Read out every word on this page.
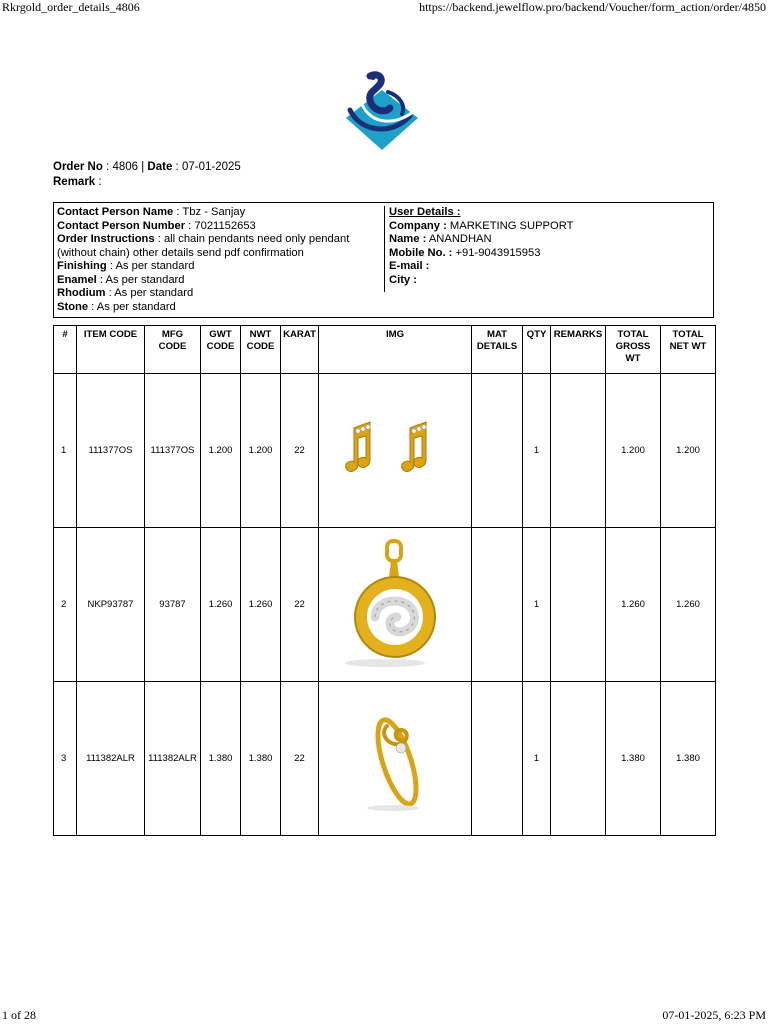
Rkrgold_order_details_4806	https://backend.jewelflow.pro/backend/Voucher/form_action/order/4850
Order No : 4806 | Date : 07-01-2025
Remark :
Contact Person Name : Tbz - Sanjay
Contact Person Number : 7021152653
Order Instructions : all chain pendants need only pendant (without chain) other details send pdf confirmation
Finishing : As per standard
Enamel : As per standard
Rhodium : As per standard
Stone : As per standard
User Details :
Company : MARKETING SUPPORT
Name : ANANDHAN
Mobile No. : +91-9043915953
E-mail :
City :
#	ITEM CODE	MFG CODE	GWT CODE	NWT CODE	KARAT	IMG	MAT DETAILS	QTY	REMARKS	TOTAL GROSS WT	TOTAL NET WT
1	111377OS	111377OS	1.200	1.200	22			1		1.200	1.200
2	NKP93787	93787	1.260	1.260	22			1		1.260	1.260
3	111382ALR	111382ALR	1.380	1.380	22			1		1.380	1.380
1 of 28	07-01-2025, 6:23 PM
